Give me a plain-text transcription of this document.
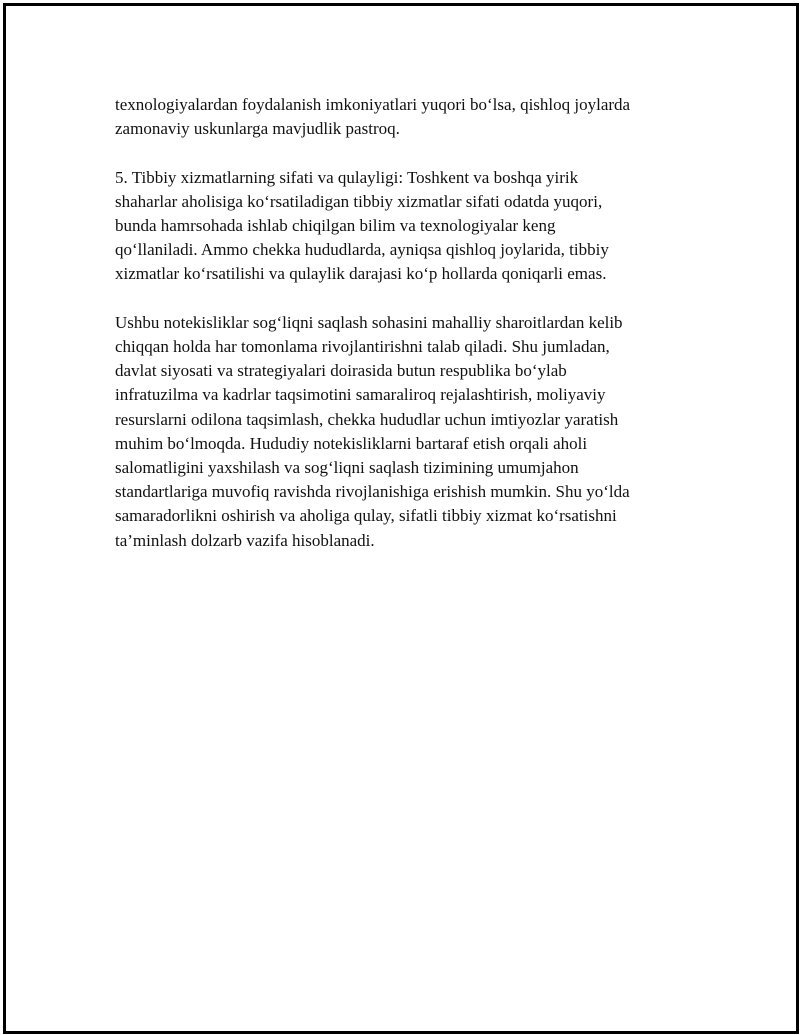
texnologiyalardan foydalanish imkoniyatlari yuqori bo‘lsa, qishloq joylarda
zamonaviy uskunlarga mavjudlik pastroq.

5. Tibbiy xizmatlarning sifati va qulayligi: Toshkent va boshqa yirik
shaharlar aholisiga ko‘rsatiladigan tibbiy xizmatlar sifati odatda yuqori,
bunda hamrsohada ishlab chiqilgan bilim va texnologiyalar keng
qo‘llaniladi. Ammo chekka hududlarda, ayniqsa qishloq joylarida, tibbiy
xizmatlar ko‘rsatilishi va qulaylik darajasi ko‘p hollarda qoniqarli emas.

Ushbu notekisliklar sog‘liqni saqlash sohasini mahalliy sharoitlardan kelib
chiqqan holda har tomonlama rivojlantirishni talab qiladi. Shu jumladan,
davlat siyosati va strategiyalari doirasida butun respublika bo‘ylab
infratuzilma va kadrlar taqsimotini samaraliroq rejalashtirish, moliyaviy
resurslarni odilona taqsimlash, chekka hududlar uchun imtiyozlar yaratish
muhim bo‘lmoqda. Hududiy notekisliklarni bartaraf etish orqali aholi
salomatligini yaxshilash va sog‘liqni saqlash tizimining umumjahon
standartlariga muvofiq ravishda rivojlanishiga erishish mumkin. Shu yo‘lda
samaradorlikni oshirish va aholiga qulay, sifatli tibbiy xizmat ko‘rsatishni
ta’minlash dolzarb vazifa hisoblanadi.
